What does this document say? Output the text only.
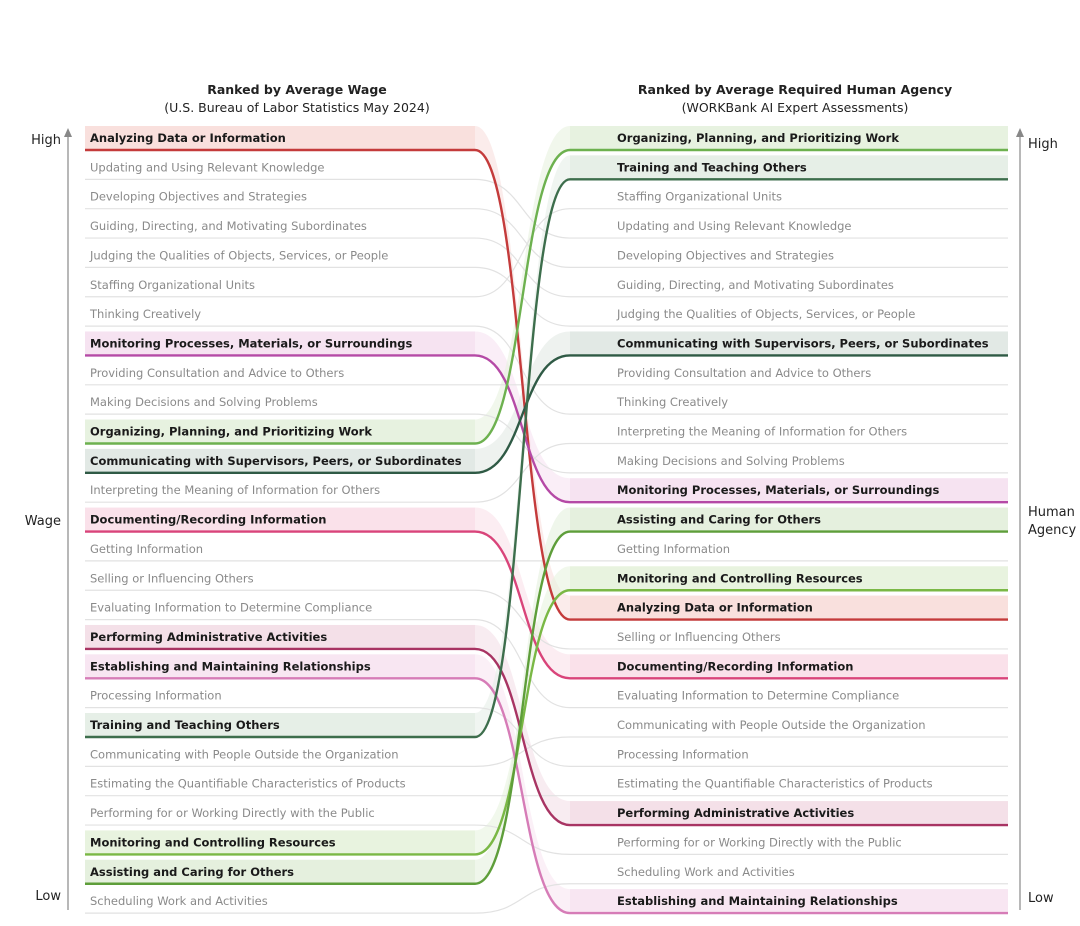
Ranked by Average Wage
(U.S. Bureau of Labor Statistics May 2024)
Ranked by Average Required Human Agency
(WORKBank AI Expert Assessments)
High
Wage
Low
High
Human Agency
Low
Analyzing Data or Information
Updating and Using Relevant Knowledge
Developing Objectives and Strategies
Guiding, Directing, and Motivating Subordinates
Judging the Qualities of Objects, Services, or People
Staffing Organizational Units
Thinking Creatively
Monitoring Processes, Materials, or Surroundings
Providing Consultation and Advice to Others
Making Decisions and Solving Problems
Organizing, Planning, and Prioritizing Work
Communicating with Supervisors, Peers, or Subordinates
Interpreting the Meaning of Information for Others
Documenting/Recording Information
Getting Information
Selling or Influencing Others
Evaluating Information to Determine Compliance
Performing Administrative Activities
Establishing and Maintaining Relationships
Processing Information
Training and Teaching Others
Communicating with People Outside the Organization
Estimating the Quantifiable Characteristics of Products
Performing for or Working Directly with the Public
Monitoring and Controlling Resources
Assisting and Caring for Others
Scheduling Work and Activities
Organizing, Planning, and Prioritizing Work
Training and Teaching Others
Staffing Organizational Units
Updating and Using Relevant Knowledge
Developing Objectives and Strategies
Guiding, Directing, and Motivating Subordinates
Judging the Qualities of Objects, Services, or People
Communicating with Supervisors, Peers, or Subordinates
Providing Consultation and Advice to Others
Thinking Creatively
Interpreting the Meaning of Information for Others
Making Decisions and Solving Problems
Monitoring Processes, Materials, or Surroundings
Assisting and Caring for Others
Getting Information
Monitoring and Controlling Resources
Analyzing Data or Information
Selling or Influencing Others
Documenting/Recording Information
Evaluating Information to Determine Compliance
Communicating with People Outside the Organization
Processing Information
Estimating the Quantifiable Characteristics of Products
Performing Administrative Activities
Performing for or Working Directly with the Public
Scheduling Work and Activities
Establishing and Maintaining Relationships
